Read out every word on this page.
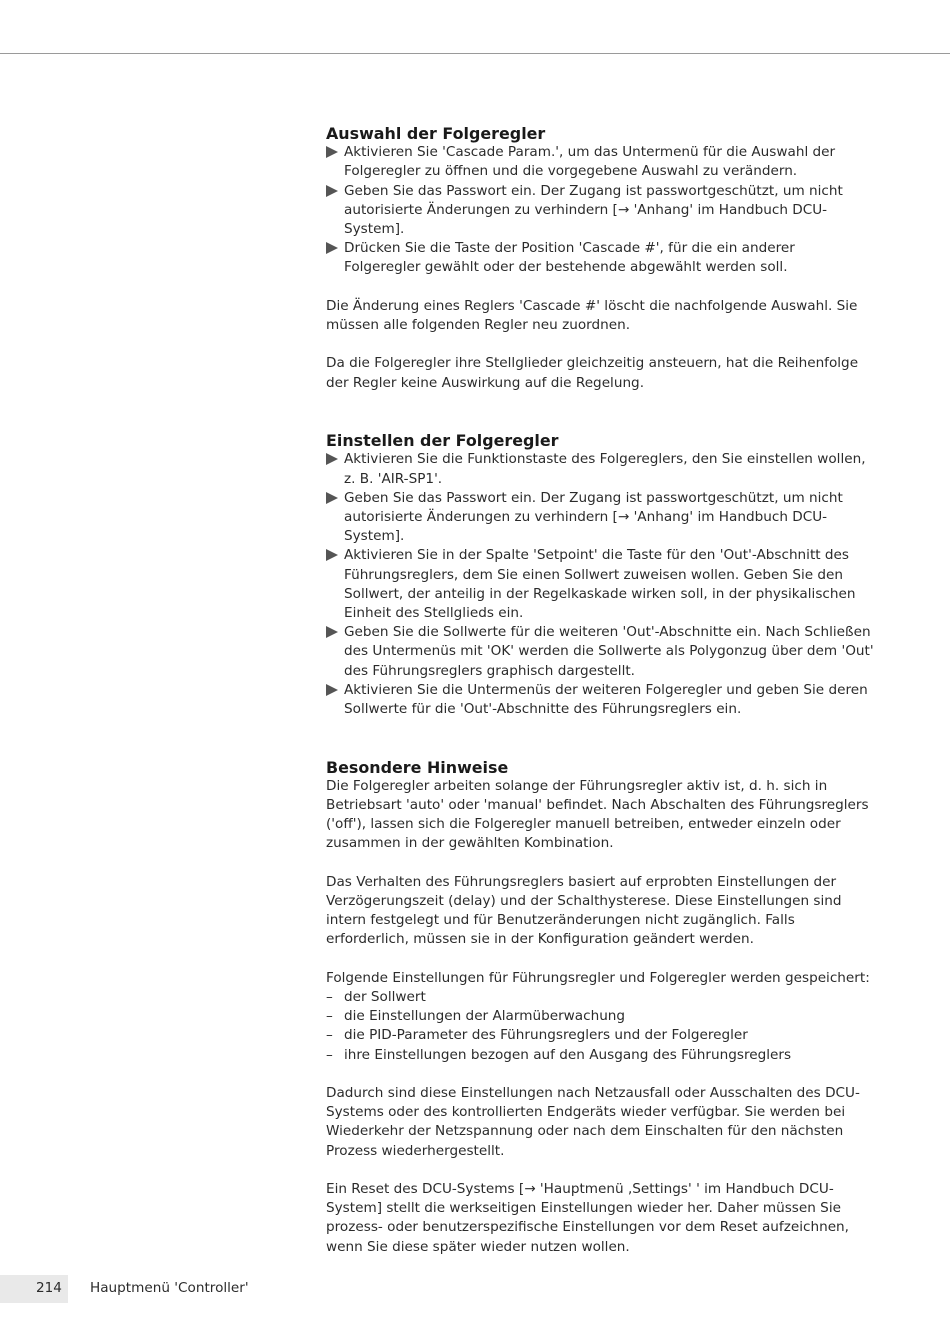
Auswahl der Folgeregler
Aktivieren Sie 'Cascade Param.', um das Untermenü für die Auswahl der Folgeregler zu öffnen und die vorgegebene Auswahl zu verändern.
Geben Sie das Passwort ein. Der Zugang ist passwortgeschützt, um nicht autorisierte Änderungen zu verhindern [→ 'Anhang' im Handbuch DCU-System].
Drücken Sie die Taste der Position 'Cascade #', für die ein anderer Folgeregler gewählt oder der bestehende abgewählt werden soll.

Die Änderung eines Reglers 'Cascade #' löscht die nachfolgende Auswahl. Sie müssen alle folgenden Regler neu zuordnen.

Da die Folgeregler ihre Stellglieder gleichzeitig ansteuern, hat die Reihenfolge der Regler keine Auswirkung auf die Regelung.

Einstellen der Folgeregler
Aktivieren Sie die Funktionstaste des Folgereglers, den Sie einstellen wollen, z. B. 'AIR-SP1'.
Geben Sie das Passwort ein. Der Zugang ist passwortgeschützt, um nicht autorisierte Änderungen zu verhindern [→ 'Anhang' im Handbuch DCU-System].
Aktivieren Sie in der Spalte 'Setpoint' die Taste für den 'Out'-Abschnitt des Führungsreglers, dem Sie einen Sollwert zuweisen wollen. Geben Sie den Sollwert, der anteilig in der Regelkaskade wirken soll, in der physikalischen Einheit des Stellglieds ein.
Geben Sie die Sollwerte für die weiteren 'Out'-Abschnitte ein. Nach Schließen des Untermenüs mit 'OK' werden die Sollwerte als Polygonzug über dem 'Out' des Führungsreglers graphisch dargestellt.
Aktivieren Sie die Untermenüs der weiteren Folgeregler und geben Sie deren Sollwerte für die 'Out'-Abschnitte des Führungsreglers ein.
Besondere Hinweise

Die Folgeregler arbeiten solange der Führungsregler aktiv ist, d. h. sich in Betriebsart 'auto' oder 'manual' befindet. Nach Abschalten des Führungsreglers ('off'), lassen sich die Folgeregler manuell betreiben, entweder einzeln oder zusammen in der gewählten Kombination.

Das Verhalten des Führungsreglers basiert auf erprobten Einstellungen der Verzögerungszeit (delay) und der Schalthysterese. Diese Einstellungen sind intern festgelegt und für Benutzeränderungen nicht zugänglich. Falls erforderlich, müssen sie in der Konfiguration geändert werden.

Folgende Einstellungen für Führungsregler und Folgeregler werden gespeichert:

– der Sollwert
– die Einstellungen der Alarmüberwachung
– die PID-Parameter des Führungsreglers und der Folgeregler
– ihre Einstellungen bezogen auf den Ausgang des Führungsreglers

Dadurch sind diese Einstellungen nach Netzausfall oder Ausschalten des DCU-Systems oder des kontrollierten Endgeräts wieder verfügbar. Sie werden bei Wiederkehr der Netzspannung oder nach dem Einschalten für den nächsten Prozess wiederhergestellt.

Ein Reset des DCU-Systems [→ 'Hauptmenü ‚Settings' ' im Handbuch DCU-System] stellt die werkseitigen Einstellungen wieder her. Daher müssen Sie prozess- oder benutzerspezifische Einstellungen vor dem Reset aufzeichnen, wenn Sie diese später wieder nutzen wollen.

214 Hauptmenü 'Controller'
